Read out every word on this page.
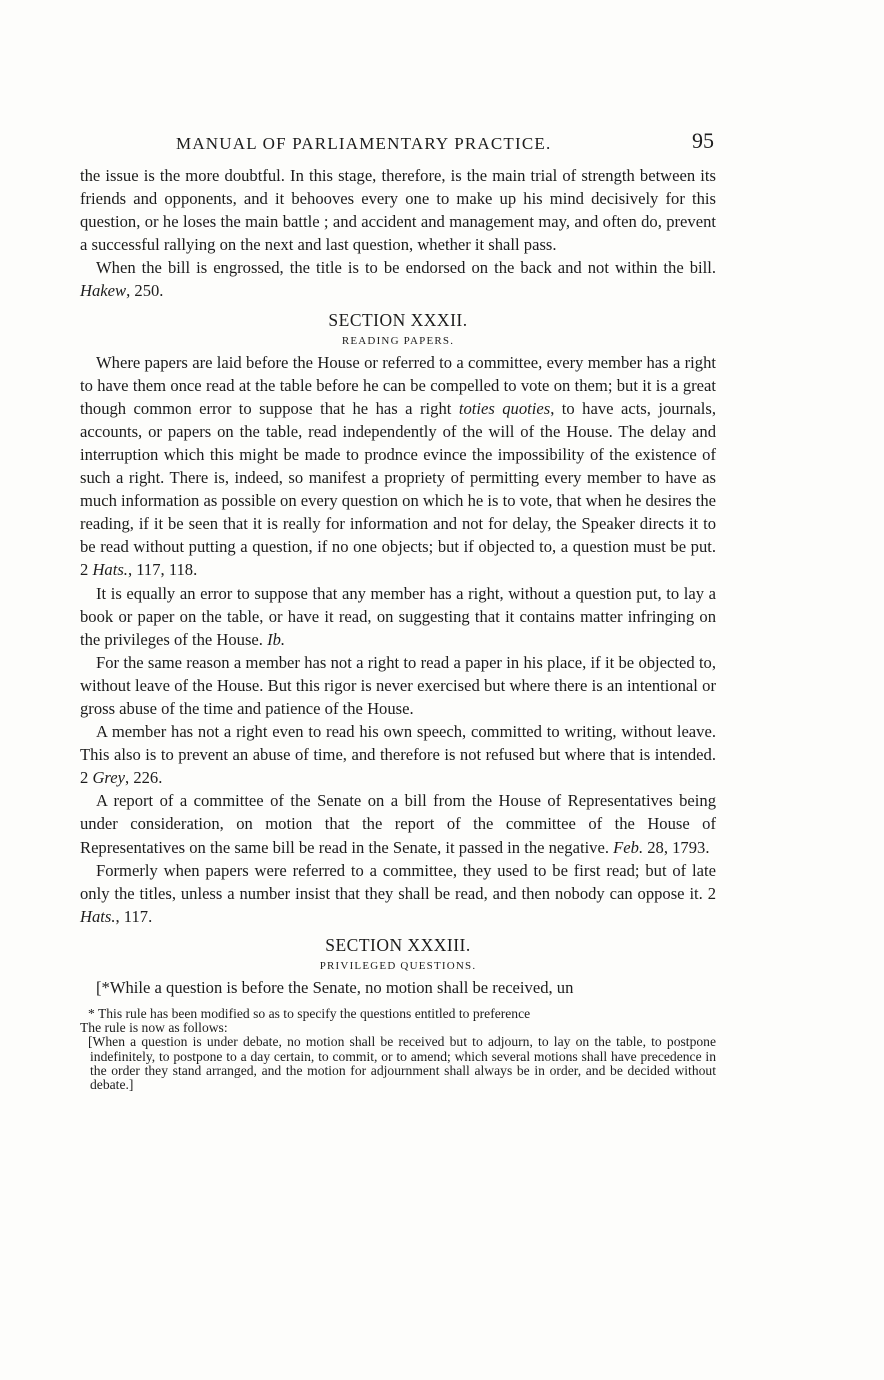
MANUAL OF PARLIAMENTARY PRACTICE.	95

the issue is the more doubtful. In this stage, therefore, is the main trial of strength between its friends and opponents, and it behooves every one to make up his mind decisively for this question, or he loses the main battle ; and accident and management may, and often do, prevent a successful rallying on the next and last question, whether it shall pass.

When the bill is engrossed, the title is to be endorsed on the back and not within the bill. Hakew, 250.

SECTION XXXII.
READING PAPERS.

Where papers are laid before the House or referred to a committee, every member has a right to have them once read at the table before he can be compelled to vote on them; but it is a great though common error to suppose that he has a right toties quoties, to have acts, journals, accounts, or papers on the table, read independently of the will of the House. The delay and interruption which this might be made to prodnce evince the impossibility of the existence of such a right. There is, indeed, so manifest a propriety of permitting every member to have as much information as possible on every question on which he is to vote, that when he desires the reading, if it be seen that it is really for information and not for delay, the Speaker directs it to be read without putting a question, if no one objects; but if objected to, a question must be put. 2 Hats., 117, 118.

It is equally an error to suppose that any member has a right, without a question put, to lay a book or paper on the table, or have it read, on suggesting that it contains matter infringing on the privileges of the House. Ib.

For the same reason a member has not a right to read a paper in his place, if it be objected to, without leave of the House. But this rigor is never exercised but where there is an intentional or gross abuse of the time and patience of the House.

A member has not a right even to read his own speech, committed to writing, without leave. This also is to prevent an abuse of time, and therefore is not refused but where that is intended. 2 Grey, 226.

A report of a committee of the Senate on a bill from the House of Representatives being under consideration, on motion that the report of the committee of the House of Representatives on the same bill be read in the Senate, it passed in the negative. Feb. 28, 1793.

Formerly when papers were referred to a committee, they used to be first read; but of late only the titles, unless a number insist that they shall be read, and then nobody can oppose it. 2 Hats., 117.

SECTION XXXIII.
PRIVILEGED QUESTIONS.

[*While a question is before the Senate, no motion shall be received, un

* This rule has been modified so as to specify the questions entitled to preference
The rule is now as follows:
[When a question is under debate, no motion shall be received but to adjourn, to lay on the table, to postpone indefinitely, to postpone to a day certain, to commit, or to amend; which several motions shall have precedence in the order they stand arranged, and the motion for adjournment shall always be in order, and be decided without debate.]
